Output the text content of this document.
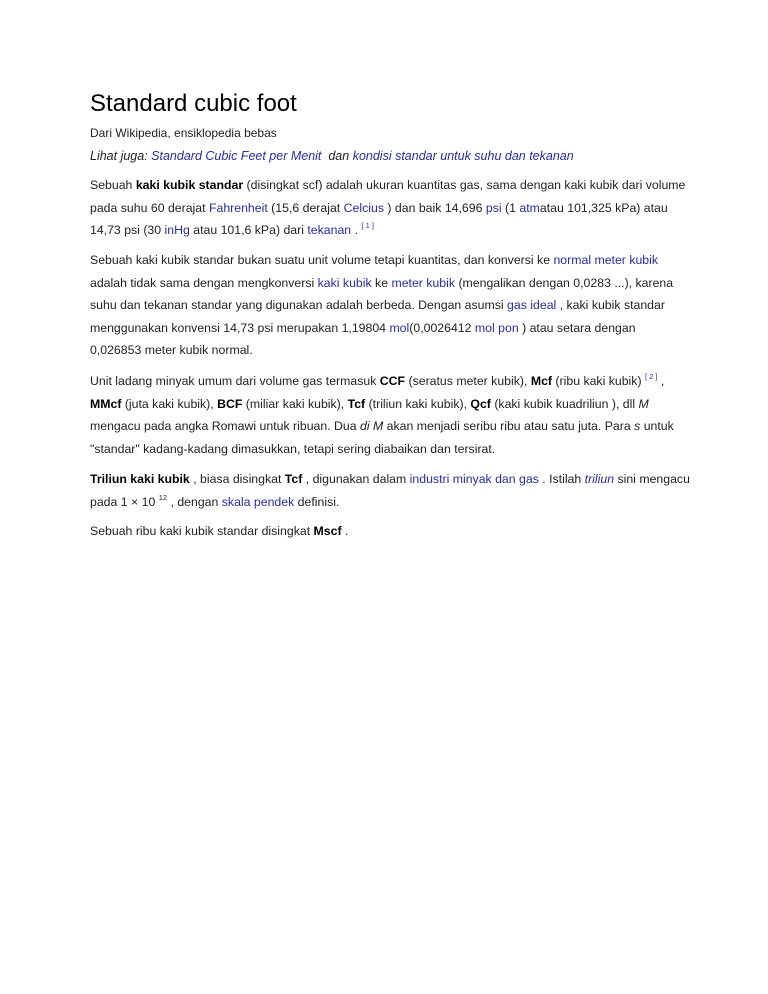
Standard cubic foot
Dari Wikipedia, ensiklopedia bebas
Lihat juga: Standard Cubic Feet per Menit dan kondisi standar untuk suhu dan tekanan

Sebuah kaki kubik standar (disingkat scf) adalah ukuran kuantitas gas, sama dengan kaki kubik dari volume pada suhu 60 derajat Fahrenheit (15,6 derajat Celcius ) dan baik 14,696 psi (1 atmatau 101,325 kPa) atau 14,73 psi (30 inHg atau 101,6 kPa) dari tekanan . [ 1 ]

Sebuah kaki kubik standar bukan suatu unit volume tetapi kuantitas, dan konversi ke normal meter kubik adalah tidak sama dengan mengkonversi kaki kubik ke meter kubik (mengalikan dengan 0,0283 ...), karena suhu dan tekanan standar yang digunakan adalah berbeda. Dengan asumsi gas ideal , kaki kubik standar menggunakan konvensi 14,73 psi merupakan 1,19804 mol(0,0026412 mol pon ) atau setara dengan 0,026853 meter kubik normal.

Unit ladang minyak umum dari volume gas termasuk CCF (seratus meter kubik), Mcf (ribu kaki kubik) [ 2 ] , MMcf (juta kaki kubik), BCF (miliar kaki kubik), Tcf (triliun kaki kubik), Qcf (kaki kubik kuadriliun ), dll M mengacu pada angka Romawi untuk ribuan. Dua di M akan menjadi seribu ribu atau satu juta. Para s untuk "standar" kadang-kadang dimasukkan, tetapi sering diabaikan dan tersirat.

Triliun kaki kubik , biasa disingkat Tcf , digunakan dalam industri minyak dan gas . Istilah triliun sini mengacu pada 1 × 10 $^{12}$ , dengan skala pendek definisi.

Sebuah ribu kaki kubik standar disingkat Mscf .
